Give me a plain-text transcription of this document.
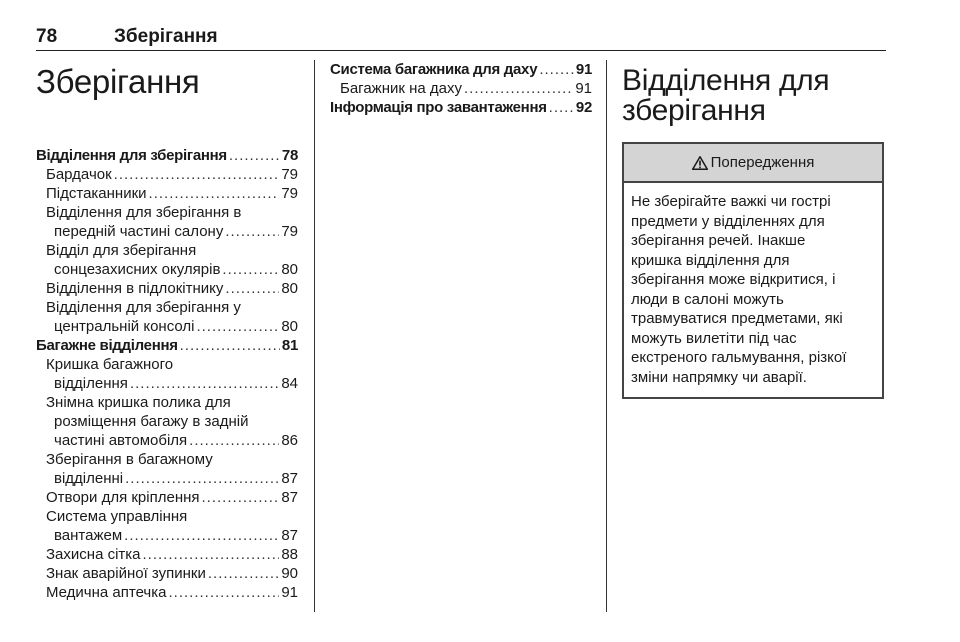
78	Зберігання
Зберігання
Відділення для зберігання .....	78
Бардачок .....	79
Підстаканники .....	79
Відділення для зберігання в
передній частині салону .....	79
Відділ для зберігання
сонцезахисних окулярів .....	80
Відділення в підлокітнику .....	80
Відділення для зберігання у
центральній консолі .....	80
Багажне відділення .....	81
Кришка багажного
відділення .....	84
Знімна кришка полика для
розміщення багажу в задній
частині автомобіля .....	86
Зберігання в багажному
відділенні .....	87
Отвори для кріплення .....	87
Система управління
вантажем .....	87
Захисна сітка .....	88
Знак аварійної зупинки .....	90
Медична аптечка .....	91
Система багажника для даху .....	91
Багажник на даху .....	91
Інформація про завантаження ..... 92
Відділення для
зберігання
Попередження
Не зберігайте важкі чи гострі
предмети у відділеннях для
зберігання речей. Інакше
кришка відділення для
зберігання може відкритися, і
люди в салоні можуть
травмуватися предметами, які
можуть вилетіти під час
екстреного гальмування, різкої
зміни напрямку чи аварії.
